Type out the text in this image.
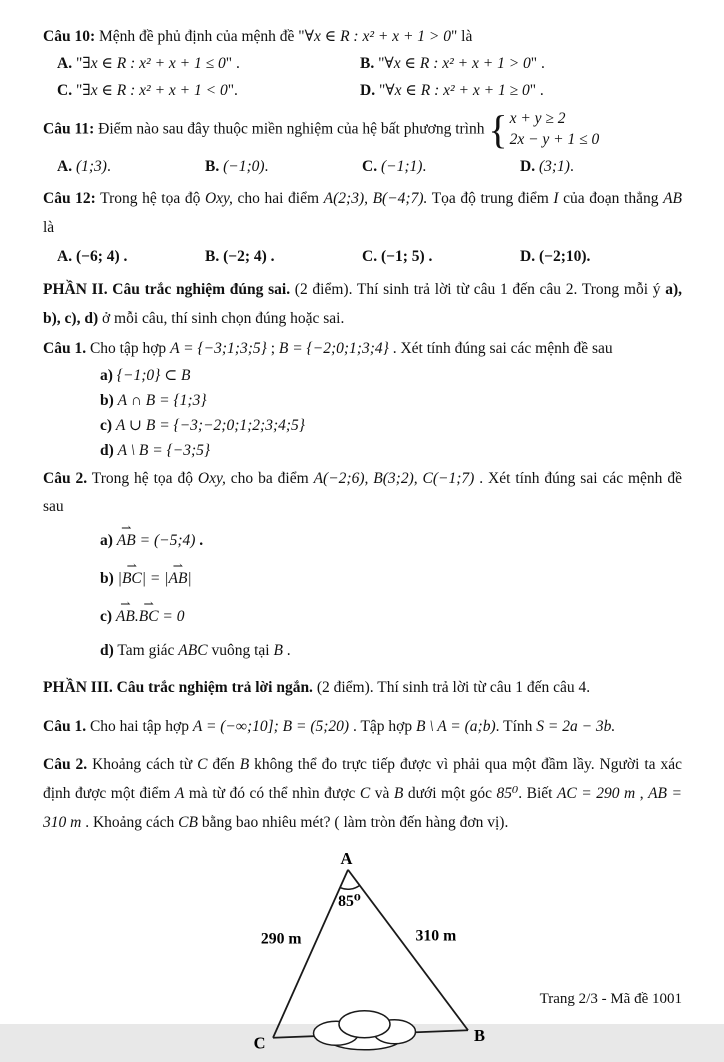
Câu 10: Mệnh đề phủ định của mệnh đề "∀x ∈ R : x² + x + 1 > 0" là

A. "∃x ∈ R : x² + x + 1 ≤ 0" .	B. "∀x ∈ R : x² + x + 1 > 0" .
C. "∃x ∈ R : x² + x + 1 < 0".	D. "∀x ∈ R : x² + x + 1 ≥ 0" .

Câu 11: Điểm nào sau đây thuộc miền nghiệm của hệ bất phương trình { x + y ≥ 2
2x − y + 1 ≤ 0

A. (1;3).	B. (−1;0).	C. (−1;1).	D. (3;1).

Câu 12: Trong hệ tọa độ Oxy, cho hai điểm A(2;3), B(−4;7). Tọa độ trung điểm I của đoạn thẳng AB là

A. (−6; 4) .	B. (−2; 4) .	C. (−1; 5) .	D. (−2;10).

PHẦN II. Câu trắc nghiệm đúng sai. (2 điểm). Thí sinh trả lời từ câu 1 đến câu 2. Trong mỗi ý a), b), c), d) ở mỗi câu, thí sinh chọn đúng hoặc sai.

Câu 1. Cho tập hợp A = {−3;1;3;5} ; B = {−2;0;1;3;4} . Xét tính đúng sai các mệnh đề sau

a) {−1;0} ⊂ B

b) A ∩ B = {1;3}

c) A ∪ B = {−3;−2;0;1;2;3;4;5}

d) A \ B = {−3;5}

Câu 2. Trong hệ tọa độ Oxy, cho ba điểm A(−2;6), B(3;2), C(−1;7) . Xét tính đúng sai các mệnh đề sau

a) AB ⇀ = (−5;4) .

b) |BC ⇀| = |AB ⇀|

c) AB ⇀.BC ⇀ = 0

d) Tam giác ABC vuông tại B .

PHẦN III. Câu trắc nghiệm trả lời ngắn. (2 điểm). Thí sinh trả lời từ câu 1 đến câu 4.

Câu 1. Cho hai tập hợp A = (−∞;10]; B = (5;20) . Tập hợp B \ A = (a;b). Tính S = 2a − 3b.

Câu 2. Khoảng cách từ C đến B không thể đo trực tiếp được vì phải qua một đầm lầy. Người ta xác định được một điểm A mà từ đó có thể nhìn được C và B dưới một góc 85⁰. Biết AC = 290 m , AB = 310 m . Khoảng cách CB bằng bao nhiêu mét? ( làm tròn đến hàng đơn vị).

A
85⁰
290 m	310 m
C	B
Trang 2/3 - Mã đề 1001
